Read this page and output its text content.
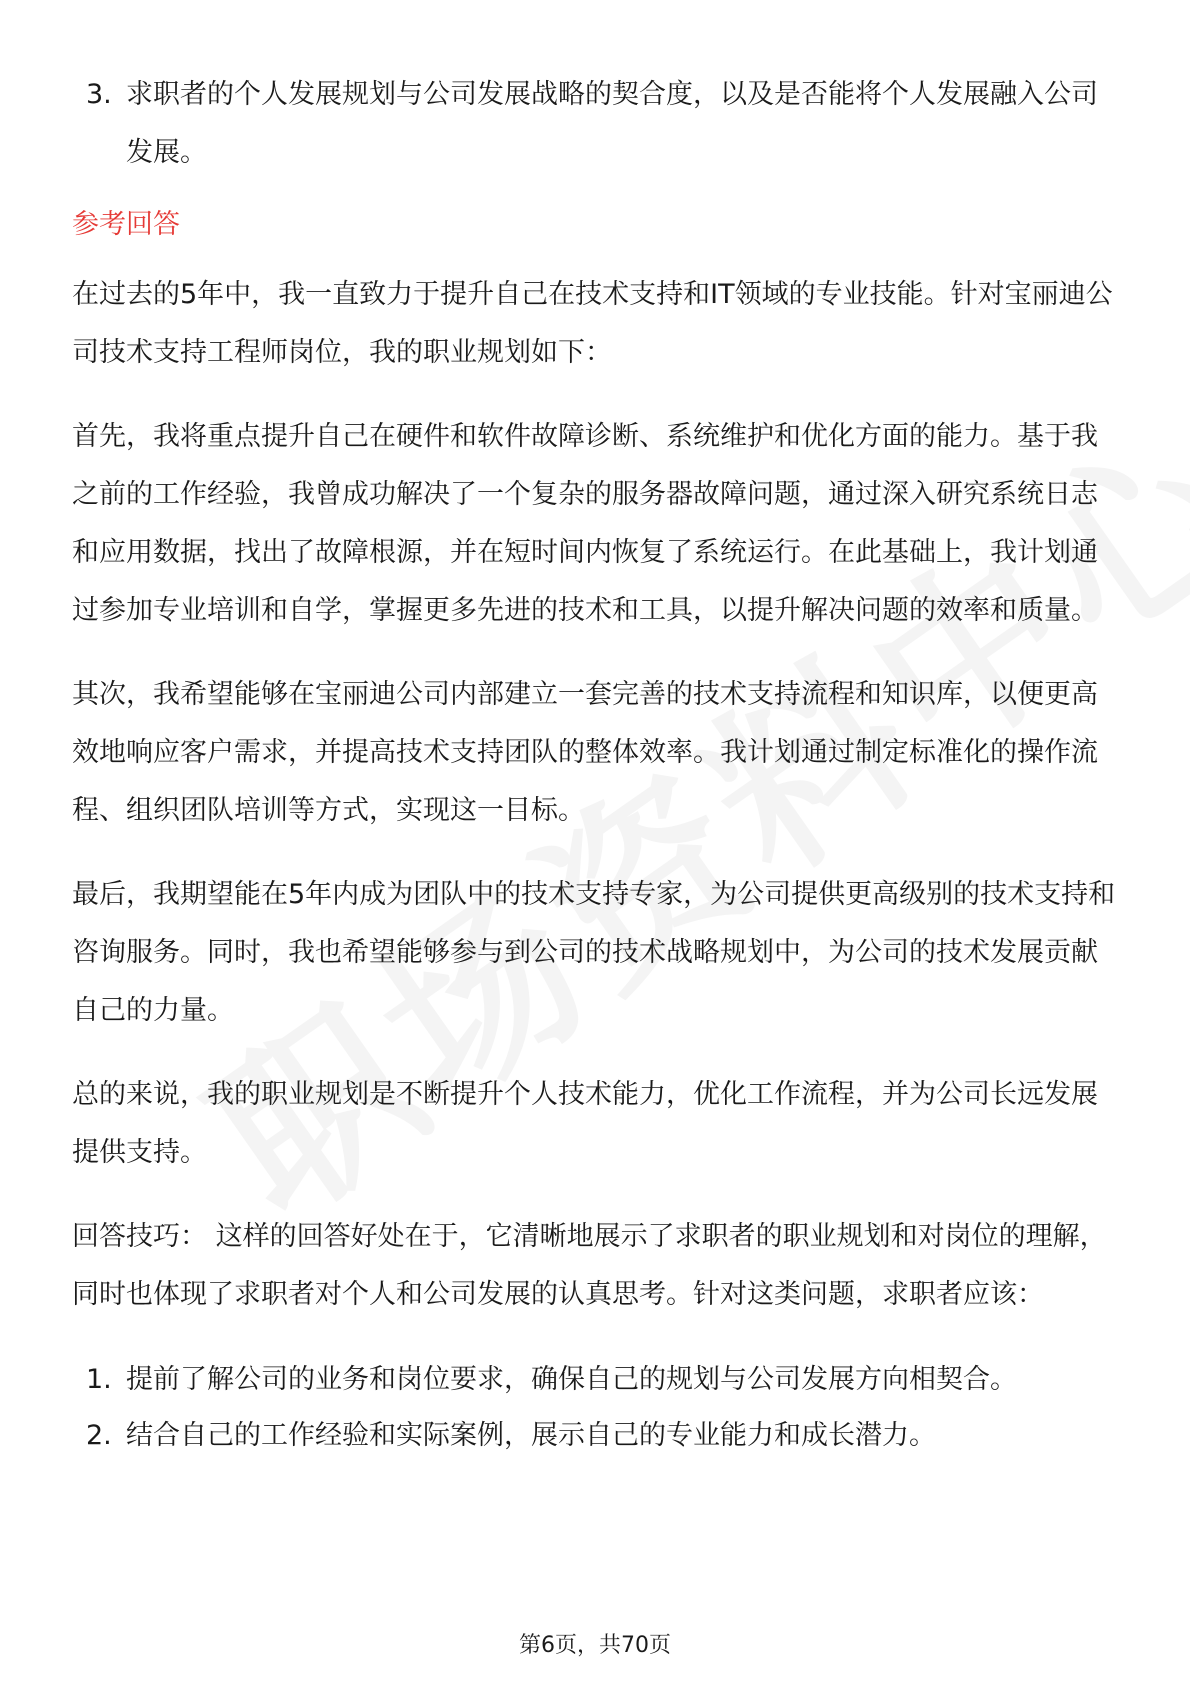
3. 求职者的个人发展规划与公司发展战略的契合度，以及是否能将个人发展融入公司发展。
参考回答
在过去的5年中，我一直致力于提升自己在技术支持和IT领域的专业技能。针对宝丽迪公司技术支持工程师岗位，我的职业规划如下：
首先，我将重点提升自己在硬件和软件故障诊断、系统维护和优化方面的能力。基于我之前的工作经验，我曾成功解决了一个复杂的服务器故障问题，通过深入研究系统日志和应用数据，找出了故障根源，并在短时间内恢复了系统运行。在此基础上，我计划通过参加专业培训和自学，掌握更多先进的技术和工具，以提升解决问题的效率和质量。
其次，我希望能够在宝丽迪公司内部建立一套完善的技术支持流程和知识库，以便更高效地响应客户需求，并提高技术支持团队的整体效率。我计划通过制定标准化的操作流程、组织团队培训等方式，实现这一目标。
最后，我期望能在5年内成为团队中的技术支持专家，为公司提供更高级别的技术支持和咨询服务。同时，我也希望能够参与到公司的技术战略规划中，为公司的技术发展贡献自己的力量。
总的来说，我的职业规划是不断提升个人技术能力，优化工作流程，并为公司长远发展提供支持。
回答技巧： 这样的回答好处在于，它清晰地展示了求职者的职业规划和对岗位的理解，同时也体现了求职者对个人和公司发展的认真思考。针对这类问题，求职者应该：
1. 提前了解公司的业务和岗位要求，确保自己的规划与公司发展方向相契合。
2. 结合自己的工作经验和实际案例，展示自己的专业能力和成长潜力。
第6页，共70页
